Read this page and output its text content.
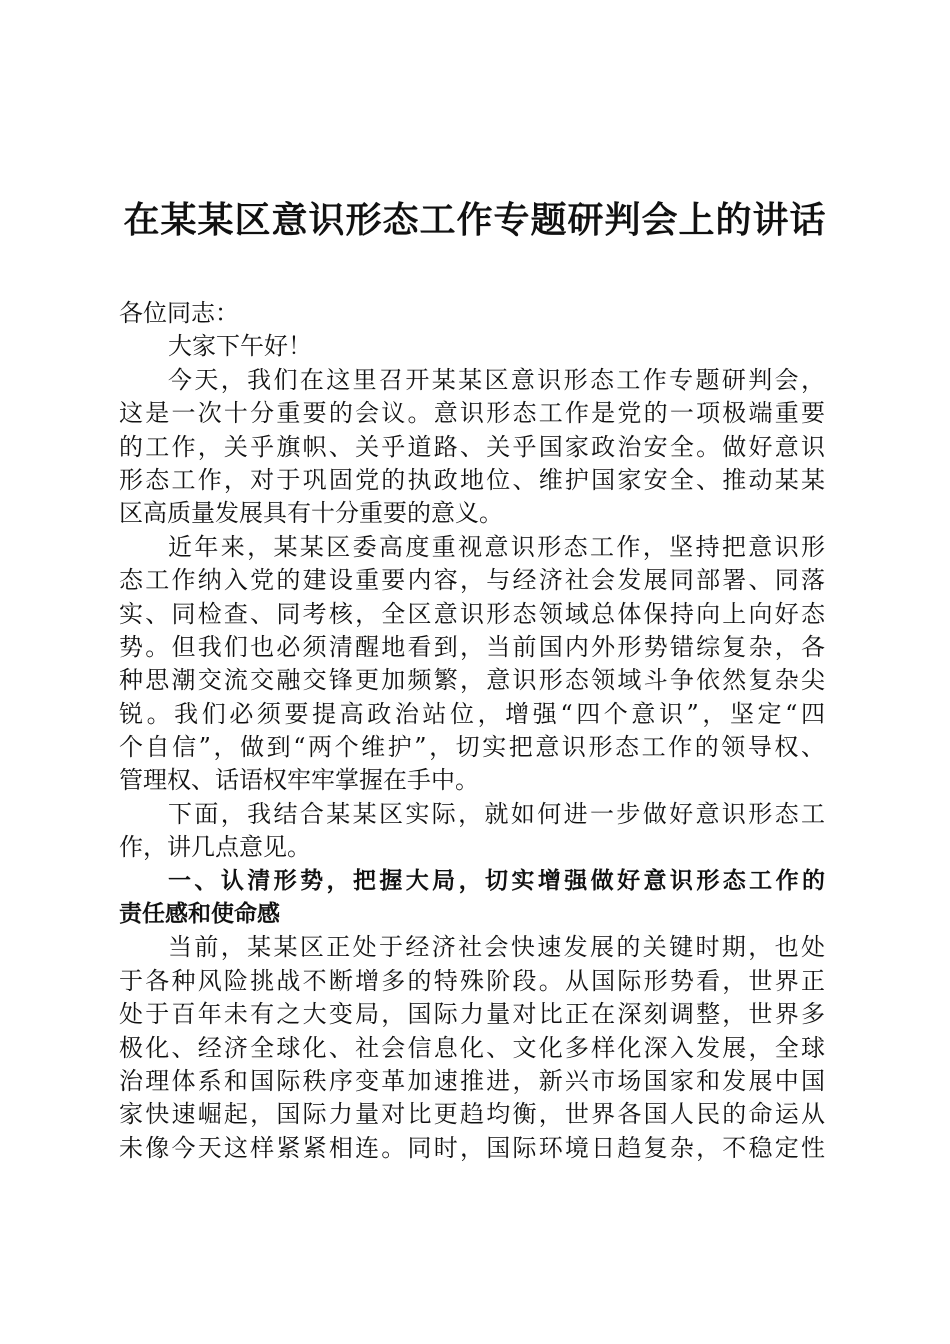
在某某区意识形态工作专题研判会上的讲话
各位同志：
大家下午好！
今天，我们在这里召开某某区意识形态工作专题研判会，
这是一次十分重要的会议。意识形态工作是党的一项极端重要
的工作，关乎旗帜、关乎道路、关乎国家政治安全。做好意识
形态工作，对于巩固党的执政地位、维护国家安全、推动某某
区高质量发展具有十分重要的意义。
近年来，某某区委高度重视意识形态工作，坚持把意识形
态工作纳入党的建设重要内容，与经济社会发展同部署、同落
实、同检查、同考核，全区意识形态领域总体保持向上向好态
势。但我们也必须清醒地看到，当前国内外形势错综复杂，各
种思潮交流交融交锋更加频繁，意识形态领域斗争依然复杂尖
锐。我们必须要提高政治站位，增强“四个意识”，坚定“四
个自信”，做到“两个维护”，切实把意识形态工作的领导权、
管理权、话语权牢牢掌握在手中。
下面，我结合某某区实际，就如何进一步做好意识形态工
作，讲几点意见。
一、认清形势，把握大局，切实增强做好意识形态工作的
责任感和使命感
当前，某某区正处于经济社会快速发展的关键时期，也处
于各种风险挑战不断增多的特殊阶段。从国际形势看，世界正
处于百年未有之大变局，国际力量对比正在深刻调整，世界多
极化、经济全球化、社会信息化、文化多样化深入发展，全球
治理体系和国际秩序变革加速推进，新兴市场国家和发展中国
家快速崛起，国际力量对比更趋均衡，世界各国人民的命运从
未像今天这样紧紧相连。同时，国际环境日趋复杂，不稳定性
